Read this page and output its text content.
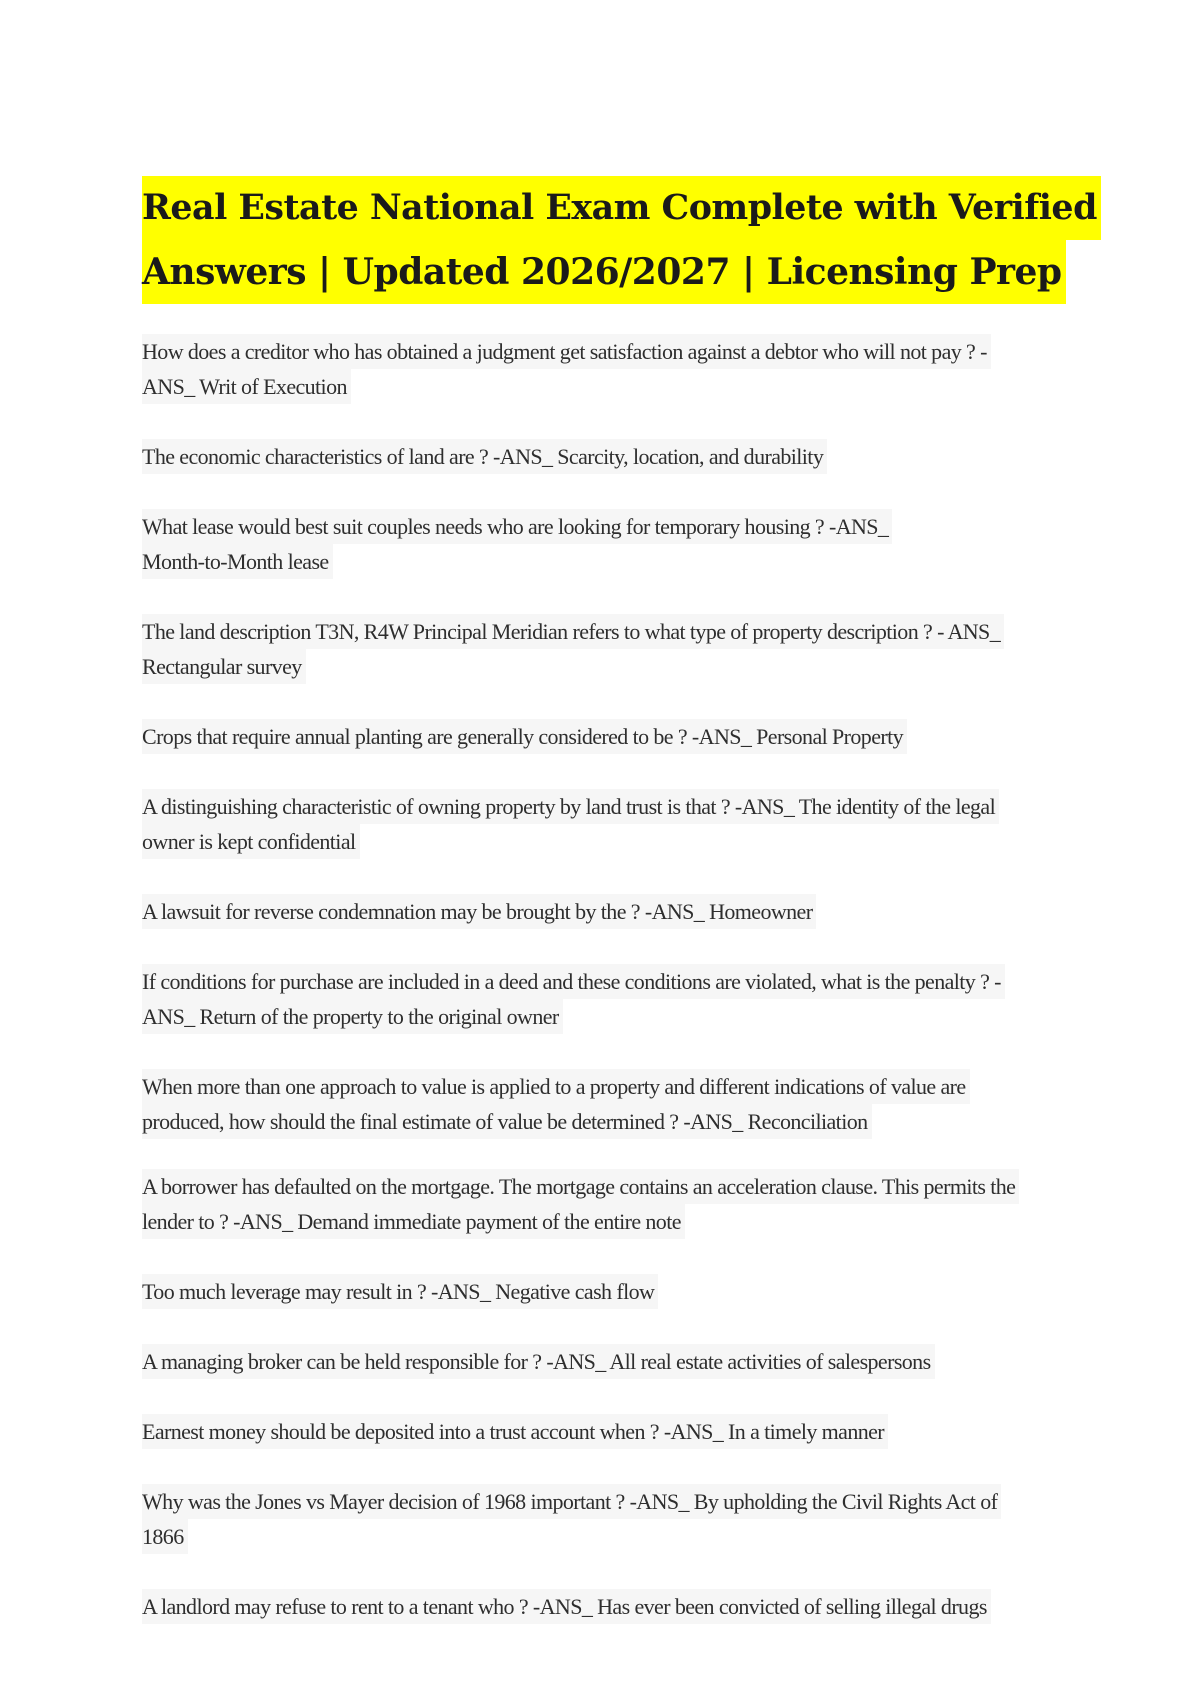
Real Estate National Exam Complete with Verified
Answers | Updated 2026/2027 | Licensing Prep
How does a creditor who has obtained a judgment get satisfaction against a debtor who will not pay ? -
ANS_ Writ of Execution
The economic characteristics of land are ? -ANS_ Scarcity, location, and durability
What lease would best suit couples needs who are looking for temporary housing ? -ANS_
Month-to-Month lease
The land description T3N, R4W Principal Meridian refers to what type of property description ? - ANS_
Rectangular survey
Crops that require annual planting are generally considered to be ? -ANS_ Personal Property
A distinguishing characteristic of owning property by land trust is that ? -ANS_ The identity of the legal
owner is kept confidential
A lawsuit for reverse condemnation may be brought by the ? -ANS_ Homeowner
If conditions for purchase are included in a deed and these conditions are violated, what is the penalty ? -
ANS_ Return of the property to the original owner
When more than one approach to value is applied to a property and different indications of value are
produced, how should the final estimate of value be determined ? -ANS_ Reconciliation
A borrower has defaulted on the mortgage. The mortgage contains an acceleration clause. This permits the
lender to ? -ANS_ Demand immediate payment of the entire note
Too much leverage may result in ? -ANS_ Negative cash flow
A managing broker can be held responsible for ? -ANS_ All real estate activities of salespersons
Earnest money should be deposited into a trust account when ? -ANS_ In a timely manner
Why was the Jones vs Mayer decision of 1968 important ? -ANS_ By upholding the Civil Rights Act of
1866
A landlord may refuse to rent to a tenant who ? -ANS_ Has ever been convicted of selling illegal drugs
